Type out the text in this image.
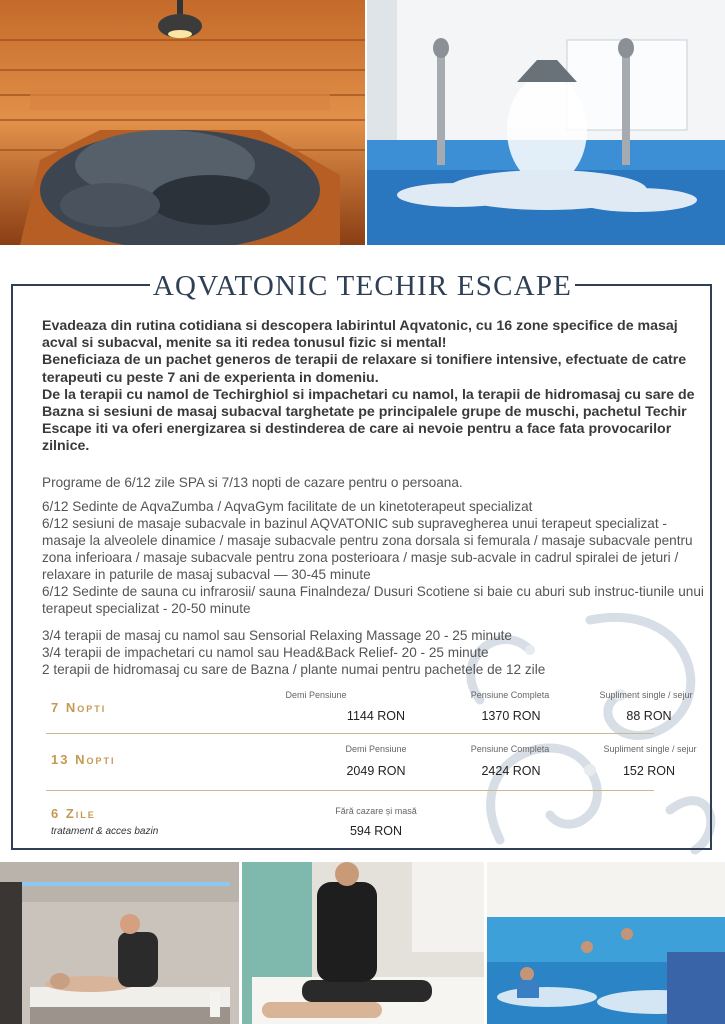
AQVATONIC TECHIR ESCAPE

Evadeaza din rutina cotidiana si descopera labirintul Aqvatonic, cu 16 zone specifice de masaj acval si subacval, menite sa iti redea tonusul fizic si mental!

Beneficiaza de un pachet generos de terapii de relaxare si tonifiere intensive, efectuate de catre terapeuti cu peste 7 ani de experienta in domeniu.

De la terapii cu namol de Techirghiol si impachetari cu namol, la terapii de hidromasaj cu sare de Bazna si sesiuni de masaj subacval targhetate pe principalele grupe de muschi, pachetul Techir Escape iti va oferi energizarea si destinderea de care ai nevoie pentru a face fata provocarilor zilnice.

Programe de 6/12 zile SPA si 7/13 nopti de cazare pentru o persoana.

6/12 Sedinte de AqvaZumba / AqvaGym facilitate de un kinetoterapeut specializat

6/12 sesiuni de masaje subacvale in bazinul AQVATONIC sub supravegherea unui terapeut specializat - masaje la alveolele dinamice / masaje subacvale pentru zona dorsala si femurala / masaje subacvale pentru zona inferioara / masaje subacvale pentru zona posterioara / masje sub-acvale in cadrul spiralei de jeturi / relaxare in paturile de masaj subacval — 30-45 minute

6/12 Sedinte de sauna cu infrarosii/ sauna Finalndeza/ Dusuri Scotiene si baie cu aburi sub instruc-tiunile unui terapeut specializat - 20-50 minute

3/4 terapii de masaj cu namol sau Sensorial Relaxing Massage 20 - 25 minute

3/4 terapii de impachetari cu namol sau Head&Back Relief- 20 - 25 minute

2 terapii de hidromasaj cu sare de Bazna / plante numai pentru pachetele de 12 zile

7 Nopti
Demi Pensiune
1144 RON
Pensiune Completa
1370 RON
Supliment single / sejur
88 RON
13 Nopti
Demi Pensiune
2049 RON
Pensiune Completa
2424 RON
Supliment single / sejur
152 RON
6 Zile
tratament & acces bazin
Fără cazare și masă
594 RON
